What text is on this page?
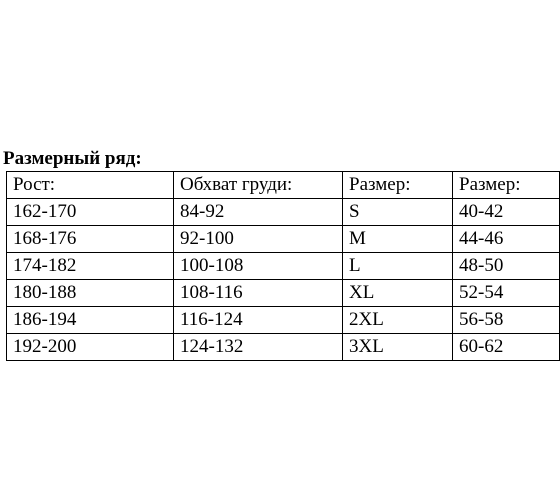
Размерный ряд:
Рост:	Обхват груди:	Размер:	Размер:
162-170	84-92	S	40-42
168-176	92-100	M	44-46
174-182	100-108	L	48-50
180-188	108-116	XL	52-54
186-194	116-124	2XL	56-58
192-200	124-132	3XL	60-62
